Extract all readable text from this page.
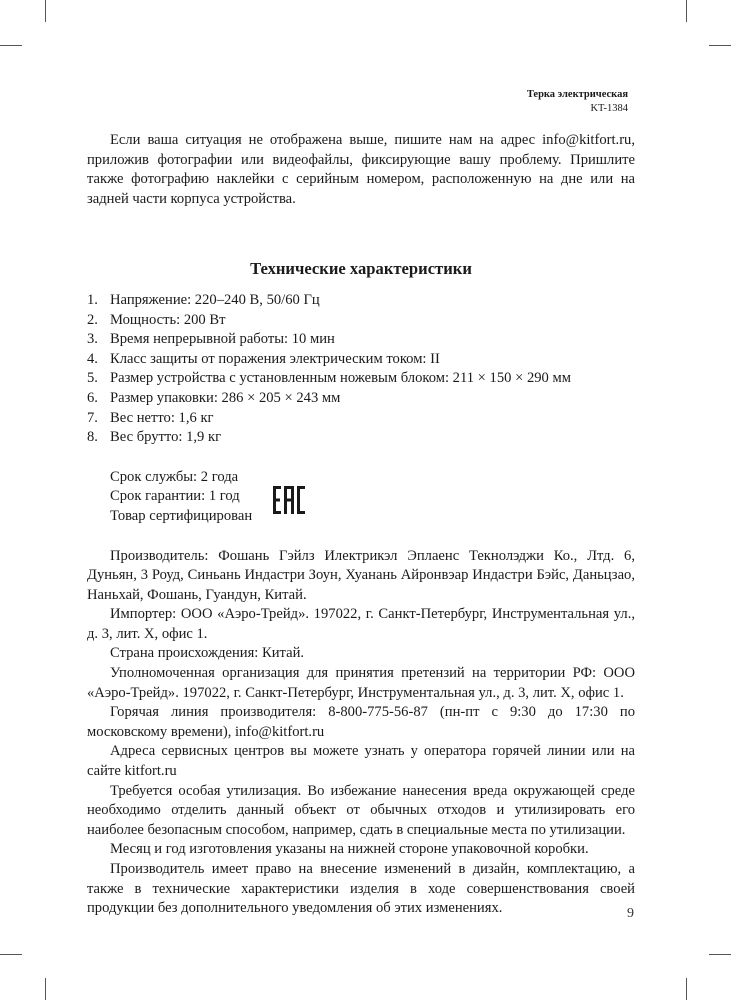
Терка электрическая
KT-1384

Если ваша ситуация не отображена выше, пишите нам на адрес info@kitfort.ru, приложив фотографии или видеофайлы, фиксирующие вашу проблему. Пришлите также фотографию наклейки с серийным номером, расположенную на дне или на задней части корпуса устройства.

Технические характеристики
1. Напряжение: 220–240 В, 50/60 Гц
2. Мощность: 200 Вт
3. Время непрерывной работы: 10 мин
4. Класс защиты от поражения электрическим током: II
5. Размер устройства с установленным ножевым блоком: 211 × 150 × 290 мм
6. Размер упаковки: 286 × 205 × 243 мм
7. Вес нетто: 1,6 кг
8. Вес брутто: 1,9 кг
Срок службы: 2 года
Срок гарантии: 1 год
Товар сертифицирован

Производитель: Фошань Гэйлз Илектрикэл Эплаенс Текнолэджи Ко., Лтд. 6, Дуньян, 3 Роуд, Синьань Индастри Зоун, Хуанань Айронвэар Индастри Бэйс, Даньцзао, Наньхай, Фошань, Гуандун, Китай.

Импортер: ООО «Аэро-Трейд». 197022, г. Санкт-Петербург, Инструментальная ул., д. 3, лит. Х, офис 1.

Страна происхождения: Китай.

Уполномоченная организация для принятия претензий на территории РФ: ООО «Аэро-Трейд». 197022, г. Санкт-Петербург, Инструментальная ул., д. 3, лит. Х, офис 1.

Горячая линия производителя: 8-800-775-56-87 (пн-пт с 9:30 до 17:30 по московскому времени), info@kitfort.ru

Адреса сервисных центров вы можете узнать у оператора горячей линии или на сайте kitfort.ru

Требуется особая утилизация. Во избежание нанесения вреда окружающей среде необходимо отделить данный объект от обычных отходов и утилизировать его наиболее безопасным способом, например, сдать в специальные места по утилизации.

Месяц и год изготовления указаны на нижней стороне упаковочной коробки.

Производитель имеет право на внесение изменений в дизайн, комплектацию, а также в технические характеристики изделия в ходе совершенствования своей продукции без дополнительного уведомления об этих изменениях.	9
